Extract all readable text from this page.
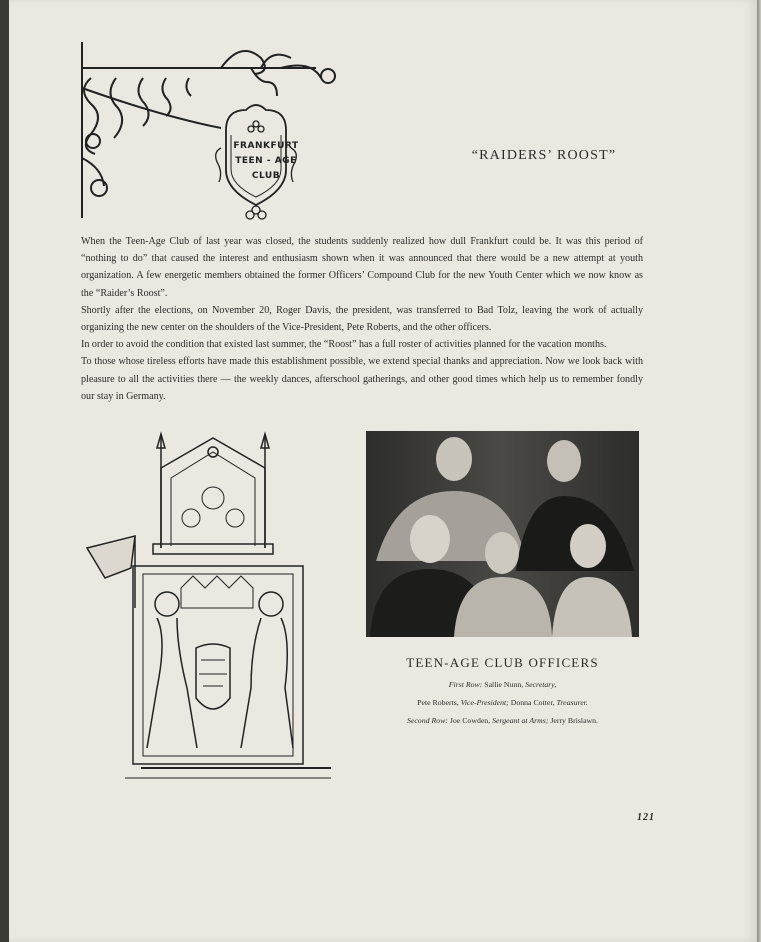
FRANKFURT
TEEN - AGE
CLUB
“RAIDERS’ ROOST”

When the Teen-Age Club of last year was closed, the students suddenly realized how dull Frankfurt could be. It was this period of “nothing to do” that caused the interest and enthusiasm shown when it was announced that there would be a new attempt at youth organization. A few energetic members obtained the former Officers’ Compound Club for the new Youth Center which we now know as the “Raider’s Roost”.

Shortly after the elections, on November 20, Roger Davis, the president, was transferred to Bad Tolz, leaving the work of actually organizing the new center on the shoulders of the Vice-President, Pete Roberts, and the other officers.

In order to avoid the condition that existed last summer, the “Roost” has a full roster of activities planned for the vacation months.

To those whose tireless efforts have made this establishment possible, we extend special thanks and appreciation. Now we look back with pleasure to all the activities there — the weekly dances, afterschool gatherings, and other good times which help us to remember fondly our stay in Germany.

TEEN-AGE CLUB OFFICERS
First Row: Sallie Nunn, Secretary,
Pete Roberts, Vice-President; Donna Cotter, Treasurer.
Second Row: Joe Cowden, Sergeant at Arms; Jerry Brislawn.
121
